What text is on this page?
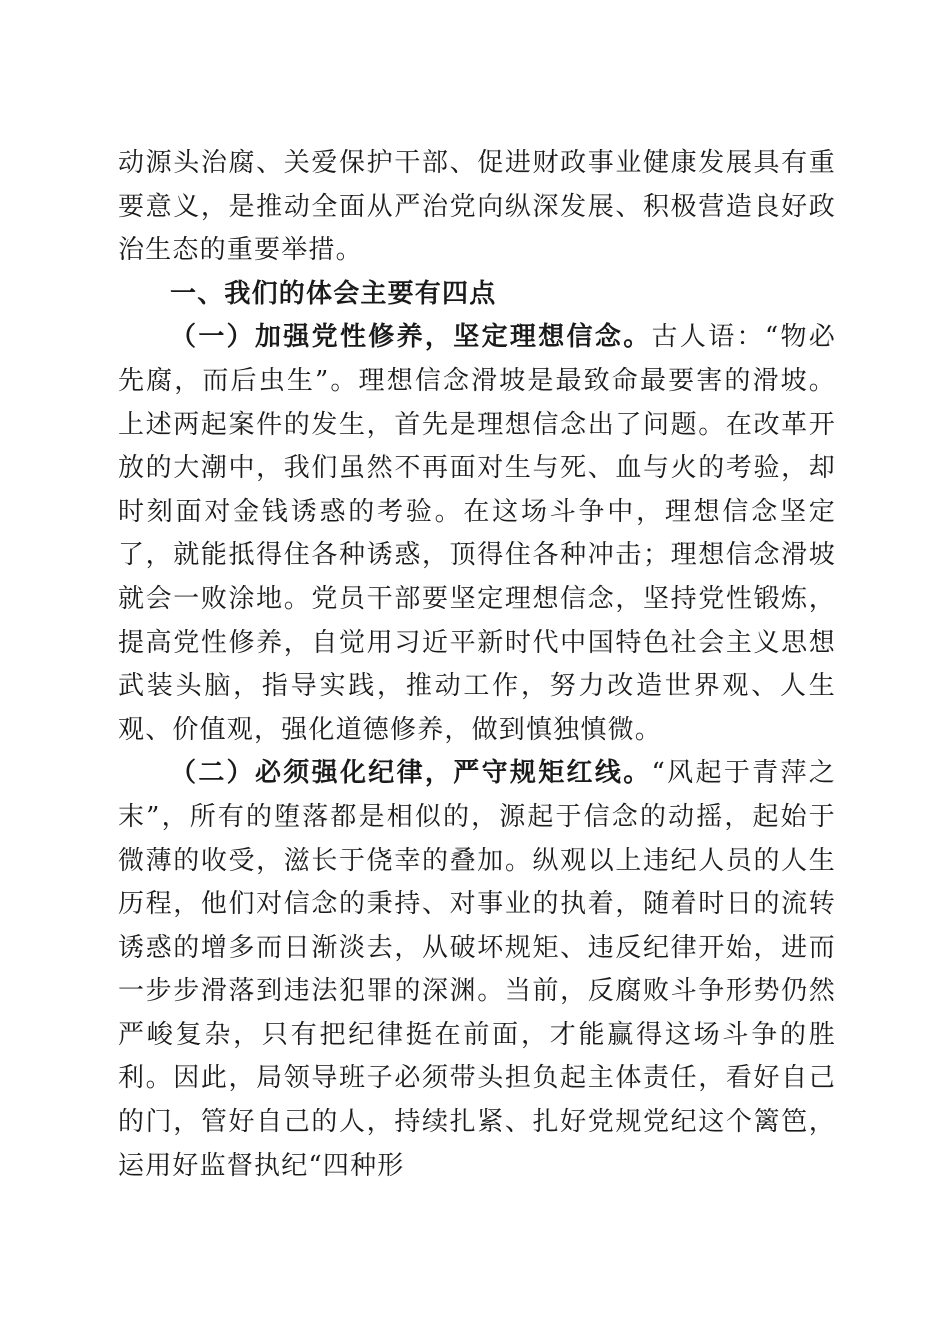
动源头治腐、关爱保护干部、促进财政事业健康发展具有重要意义，是推动全面从严治党向纵深发展、积极营造良好政治生态的重要举措。

一、我们的体会主要有四点

（一）加强党性修养，坚定理想信念。古人语：“物必先腐，而后虫生”。理想信念滑坡是最致命最要害的滑坡。上述两起案件的发生，首先是理想信念出了问题。在改革开放的大潮中，我们虽然不再面对生与死、血与火的考验，却时刻面对金钱诱惑的考验。在这场斗争中，理想信念坚定了，就能抵得住各种诱惑，顶得住各种冲击；理想信念滑坡就会一败涂地。党员干部要坚定理想信念，坚持党性锻炼，提高党性修养，自觉用习近平新时代中国特色社会主义思想武装头脑，指导实践，推动工作，努力改造世界观、人生观、价值观，强化道德修养，做到慎独慎微。

（二）必须强化纪律，严守规矩红线。“风起于青萍之末”，所有的堕落都是相似的，源起于信念的动摇，起始于微薄的收受，滋长于侥幸的叠加。纵观以上违纪人员的人生历程，他们对信念的秉持、对事业的执着，随着时日的流转诱惑的增多而日渐淡去，从破坏规矩、违反纪律开始，进而一步步滑落到违法犯罪的深渊。当前，反腐败斗争形势仍然严峻复杂，只有把纪律挺在前面，才能赢得这场斗争的胜利。因此，局领导班子必须带头担负起主体责任，看好自己的门，管好自己的人，持续扎紧、扎好党规党纪这个篱笆，运用好监督执纪“四种形
